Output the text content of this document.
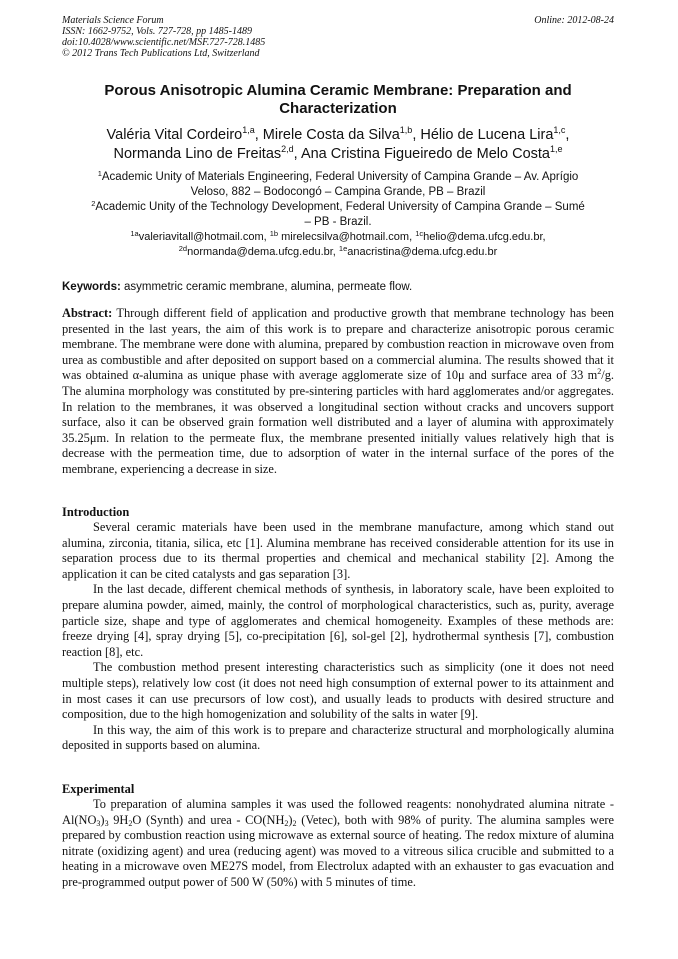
Materials Science Forum
ISSN: 1662-9752, Vols. 727-728, pp 1485-1489
doi:10.4028/www.scientific.net/MSF.727-728.1485
© 2012 Trans Tech Publications Ltd, Switzerland
Online: 2012-08-24
Porous Anisotropic Alumina Ceramic Membrane: Preparation and
Characterization
Valéria Vital Cordeiro$^{1,a}$, Mirele Costa da Silva$^{1,b}$, Hélio de Lucena Lira$^{1,c}$,
Normanda Lino de Freitas$^{2,d}$, Ana Cristina Figueiredo de Melo Costa$^{1,e}$
$^1$Academic Unity of Materials Engineering, Federal University of Campina Grande – Av. Aprígio
Veloso, 882 – Bodocongó – Campina Grande, PB – Brazil
$^2$Academic Unity of the Technology Development, Federal University of Campina Grande – Sumé
– PB - Brazil.
$^{1a}$valeriavitall@hotmail.com, $^{1b}$ mirelecsilva@hotmail.com, $^{1c}$helio@dema.ufcg.edu.br,
$^{2d}$normanda@dema.ufcg.edu.br, $^{1e}$anacristina@dema.ufcg.edu.br
Keywords: asymmetric ceramic membrane, alumina, permeate flow.

Abstract: Through different field of application and productive growth that membrane technology has been presented in the last years, the aim of this work is to prepare and characterize anisotropic porous ceramic membrane. The membrane were done with alumina, prepared by combustion reaction in microwave oven from urea as combustible and after deposited on support based on a commercial alumina. The results showed that it was obtained α-alumina as unique phase with average agglomerate size of 10μ and surface area of 33 $m^2/g$. The alumina morphology was constituted by pre-sintering particles with hard agglomerates and/or aggregates. In relation to the membranes, it was observed a longitudinal section without cracks and uncovers support surface, also it can be observed grain formation well distributed and a layer of alumina with approximately 35.25μm. In relation to the permeate flux, the membrane presented initially values relatively high that is decrease with the permeation time, due to adsorption of water in the internal surface of the pores of the membrane, experiencing a decrease in size.

Introduction

Several ceramic materials have been used in the membrane manufacture, among which stand out alumina, zirconia, titania, silica, etc [1]. Alumina membrane has received considerable attention for its use in separation process due to its thermal properties and chemical and mechanical stability [2]. Among the application it can be cited catalysts and gas separation [3].

In the last decade, different chemical methods of synthesis, in laboratory scale, have been exploited to prepare alumina powder, aimed, mainly, the control of morphological characteristics, such as, purity, average particle size, shape and type of agglomerates and chemical homogeneity. Examples of these methods are: freeze drying [4], spray drying [5], co-precipitation [6], sol-gel [2], hydrothermal synthesis [7], combustion reaction [8], etc.

The combustion method present interesting characteristics such as simplicity (one it does not need multiple steps), relatively low cost (it does not need high consumption of external power to its attainment and in most cases it can use precursors of low cost), and usually leads to products with desired structure and composition, due to the high homogenization and solubility of the salts in water [9].

In this way, the aim of this work is to prepare and characterize structural and morphologically alumina deposited in supports based on alumina.

Experimental

To preparation of alumina samples it was used the followed reagents: nonohydrated alumina nitrate - $Al(NO_3)_3$ $9H_2O$ (Synth) and urea - $CO(NH_2)_2$ (Vetec), both with 98% of purity. The alumina samples were prepared by combustion reaction using microwave as external source of heating. The redox mixture of alumina nitrate (oxidizing agent) and urea (reducing agent) was moved to a vitreous silica crucible and submitted to a heating in a microwave oven ME27S model, from Electrolux adapted with an exhauster to gas evacuation and pre-programmed output power of 500 W (50%) with 5 minutes of time.
